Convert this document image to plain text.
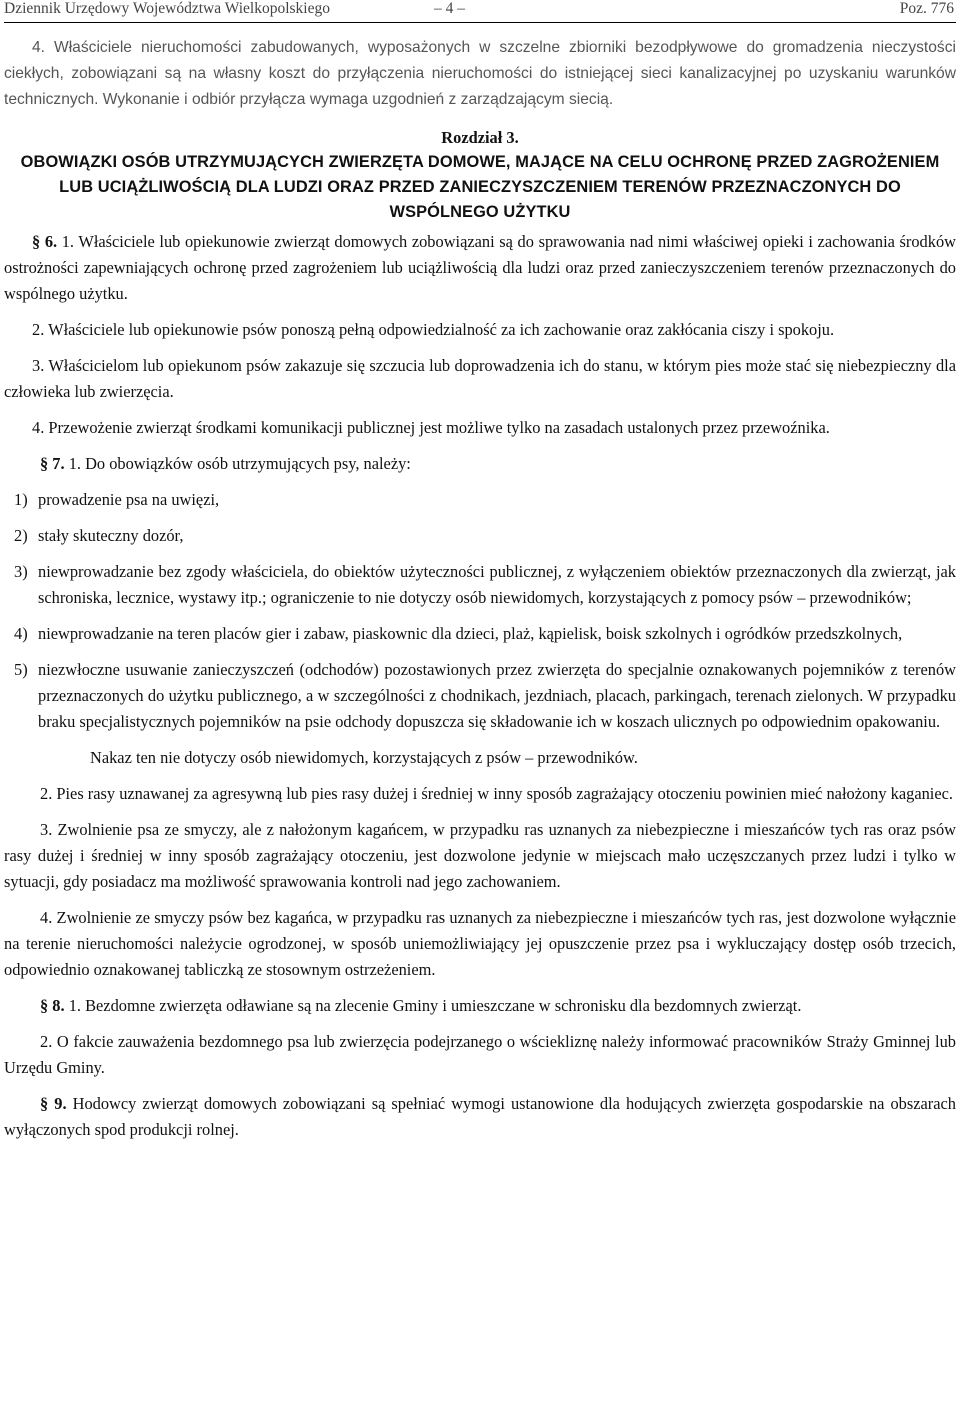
Dziennik Urzędowy Województwa Wielkopolskiego	– 4 –	Poz. 776

4. Właściciele nieruchomości zabudowanych, wyposażonych w szczelne zbiorniki bezodpływowe do gromadzenia nieczystości ciekłych, zobowiązani są na własny koszt do przyłączenia nieruchomości do istniejącej sieci kanalizacyjnej po uzyskaniu warunków technicznych. Wykonanie i odbiór przyłącza wymaga uzgodnień z zarządzającym siecią.

Rozdział 3.
OBOWIĄZKI OSÓB UTRZYMUJĄCYCH ZWIERZĘTA DOMOWE, MAJĄCE NA CELU OCHRONĘ PRZED ZAGROŻENIEM LUB UCIĄŻLIWOŚCIĄ DLA LUDZI ORAZ PRZED ZANIECZYSZCZENIEM TERENÓW PRZEZNACZONYCH DO WSPÓLNEGO UŻYTKU

§ 6. 1. Właściciele lub opiekunowie zwierząt domowych zobowiązani są do sprawowania nad nimi właściwej opieki i zachowania środków ostrożności zapewniających ochronę przed zagrożeniem lub uciążliwością dla ludzi oraz przed zanieczyszczeniem terenów przeznaczonych do wspólnego użytku.

2. Właściciele lub opiekunowie psów ponoszą pełną odpowiedzialność za ich zachowanie oraz zakłócania ciszy i spokoju.

3. Właścicielom lub opiekunom psów zakazuje się szczucia lub doprowadzenia ich do stanu, w którym pies może stać się niebezpieczny dla człowieka lub zwierzęcia.

4. Przewożenie zwierząt środkami komunikacji publicznej jest możliwe tylko na zasadach ustalonych przez przewoźnika.

§ 7. 1. Do obowiązków osób utrzymujących psy, należy:

1) prowadzenie psa na uwięzi,
2) stały skuteczny dozór,
3) niewprowadzanie bez zgody właściciela, do obiektów użyteczności publicznej, z wyłączeniem obiektów przeznaczonych dla zwierząt, jak schroniska, lecznice, wystawy itp.; ograniczenie to nie dotyczy osób niewidomych, korzystających z pomocy psów – przewodników;
4) niewprowadzanie na teren placów gier i zabaw, piaskownic dla dzieci, plaż, kąpielisk, boisk szkolnych i ogródków przedszkolnych,
5) niezwłoczne usuwanie zanieczyszczeń (odchodów) pozostawionych przez zwierzęta do specjalnie oznakowanych pojemników z terenów przeznaczonych do użytku publicznego, a w szczególności z chodnikach, jezdniach, placach, parkingach, terenach zielonych. W przypadku braku specjalistycznych pojemników na psie odchody dopuszcza się składowanie ich w koszach ulicznych po odpowiednim opakowaniu.

Nakaz ten nie dotyczy osób niewidomych, korzystających z psów – przewodników.

2. Pies rasy uznawanej za agresywną lub pies rasy dużej i średniej w inny sposób zagrażający otoczeniu powinien mieć nałożony kaganiec.

3. Zwolnienie psa ze smyczy, ale z nałożonym kagańcem, w przypadku ras uznanych za niebezpieczne i mieszańców tych ras oraz psów rasy dużej i średniej w inny sposób zagrażający otoczeniu, jest dozwolone jedynie w miejscach mało uczęszczanych przez ludzi i tylko w sytuacji, gdy posiadacz ma możliwość sprawowania kontroli nad jego zachowaniem.

4. Zwolnienie ze smyczy psów bez kagańca, w przypadku ras uznanych za niebezpieczne i mieszańców tych ras, jest dozwolone wyłącznie na terenie nieruchomości należycie ogrodzonej, w sposób uniemożliwiający jej opuszczenie przez psa i wykluczający dostęp osób trzecich, odpowiednio oznakowanej tabliczką ze stosownym ostrzeżeniem.

§ 8. 1. Bezdomne zwierzęta odławiane są na zlecenie Gminy i umieszczane w schronisku dla bezdomnych zwierząt.

2. O fakcie zauważenia bezdomnego psa lub zwierzęcia podejrzanego o wściekliznę należy informować pracowników Straży Gminnej lub Urzędu Gminy.

§ 9. Hodowcy zwierząt domowych zobowiązani są spełniać wymogi ustanowione dla hodujących zwierzęta gospodarskie na obszarach wyłączonych spod produkcji rolnej.
